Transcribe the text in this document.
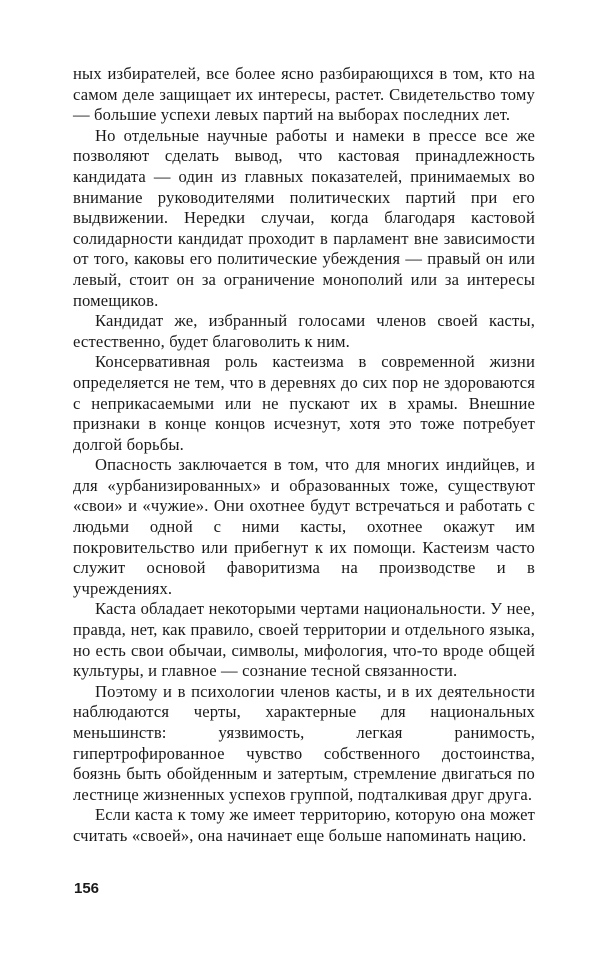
ных избирателей, все более ясно разбирающихся в том, кто на самом деле защищает их интересы, растет. Свидетельство тому — большие успехи левых партий на выборах последних лет.

Но отдельные научные работы и намеки в прессе все же позволяют сделать вывод, что кастовая принадлежность кандидата — один из главных показателей, принимаемых во внимание руководителями политических партий при его выдвижении. Нередки случаи, когда благодаря кастовой солидарности кандидат проходит в парламент вне зависимости от того, каковы его политические убеждения — правый он или левый, стоит он за ограничение монополий или за интересы помещиков.

Кандидат же, избранный голосами членов своей касты, естественно, будет благоволить к ним.

Консервативная роль кастеизма в современной жизни определяется не тем, что в деревнях до сих пор не здороваются с неприкасаемыми или не пускают их в храмы. Внешние признаки в конце концов исчезнут, хотя это тоже потребует долгой борьбы.

Опасность заключается в том, что для многих индийцев, и для «урбанизированных» и образованных тоже, существуют «свои» и «чужие». Они охотнее будут встречаться и работать с людьми одной с ними касты, охотнее окажут им покровительство или прибегнут к их помощи. Кастеизм часто служит основой фаворитизма на производстве и в учреждениях.

Каста обладает некоторыми чертами национальности. У нее, правда, нет, как правило, своей территории и отдельного языка, но есть свои обычаи, символы, мифология, что-то вроде общей культуры, и главное — сознание тесной связанности.

Поэтому и в психологии членов касты, и в их деятельности наблюдаются черты, характерные для национальных меньшинств: уязвимость, легкая ранимость, гипертрофированное чувство собственного достоинства, боязнь быть обойденным и затертым, стремление двигаться по лестнице жизненных успехов группой, подталкивая друг друга.

Если каста к тому же имеет территорию, которую она может считать «своей», она начинает еще больше напоминать нацию.

156
